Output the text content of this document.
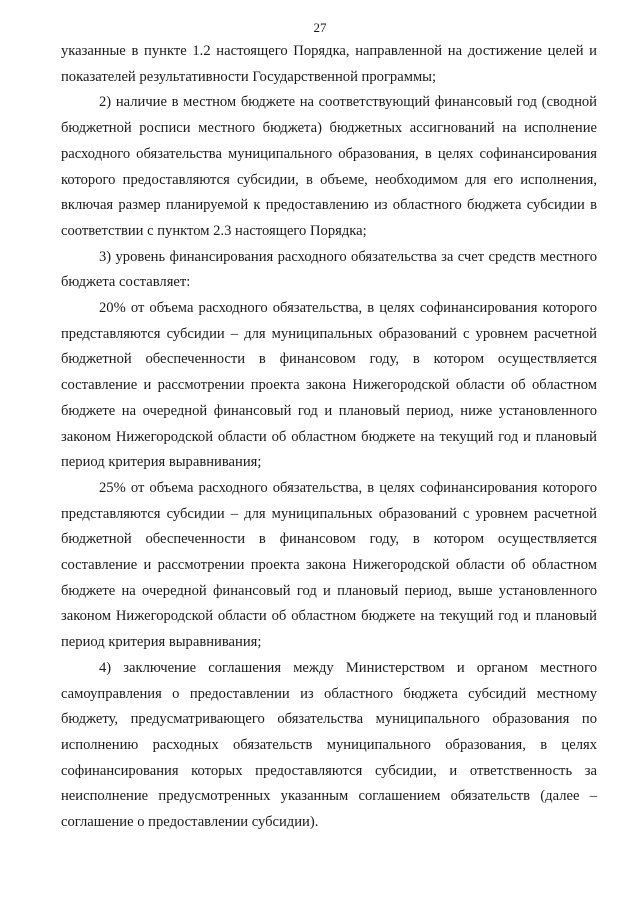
27

указанные в пункте 1.2 настоящего Порядка, направленной на достижение целей и показателей результативности Государственной программы;

2) наличие в местном бюджете на соответствующий финансовый год (сводной бюджетной росписи местного бюджета) бюджетных ассигнований на исполнение расходного обязательства муниципального образования, в целях софинансирования которого предоставляются субсидии, в объеме, необходимом для его исполнения, включая размер планируемой к предоставлению из областного бюджета субсидии в соответствии с пунктом 2.3 настоящего Порядка;

3) уровень финансирования расходного обязательства за счет средств местного бюджета составляет:

20% от объема расходного обязательства, в целях софинансирования которого представляются субсидии – для муниципальных образований с уровнем расчетной бюджетной обеспеченности в финансовом году, в котором осуществляется составление и рассмотрении проекта закона Нижегородской области об областном бюджете на очередной финансовый год и плановый период, ниже установленного законом Нижегородской области об областном бюджете на текущий год и плановый период критерия выравнивания;

25% от объема расходного обязательства, в целях софинансирования которого представляются субсидии – для муниципальных образований с уровнем расчетной бюджетной обеспеченности в финансовом году, в котором осуществляется составление и рассмотрении проекта закона Нижегородской области об областном бюджете на очередной финансовый год и плановый период, выше установленного законом Нижегородской области об областном бюджете на текущий год и плановый период критерия выравнивания;

4) заключение соглашения между Министерством и органом местного самоуправления о предоставлении из областного бюджета субсидий местному бюджету, предусматривающего обязательства муниципального образования по исполнению расходных обязательств муниципального образования, в целях софинансирования которых предоставляются субсидии, и ответственность за неисполнение предусмотренных указанным соглашением обязательств (далее – соглашение о предоставлении субсидии).
